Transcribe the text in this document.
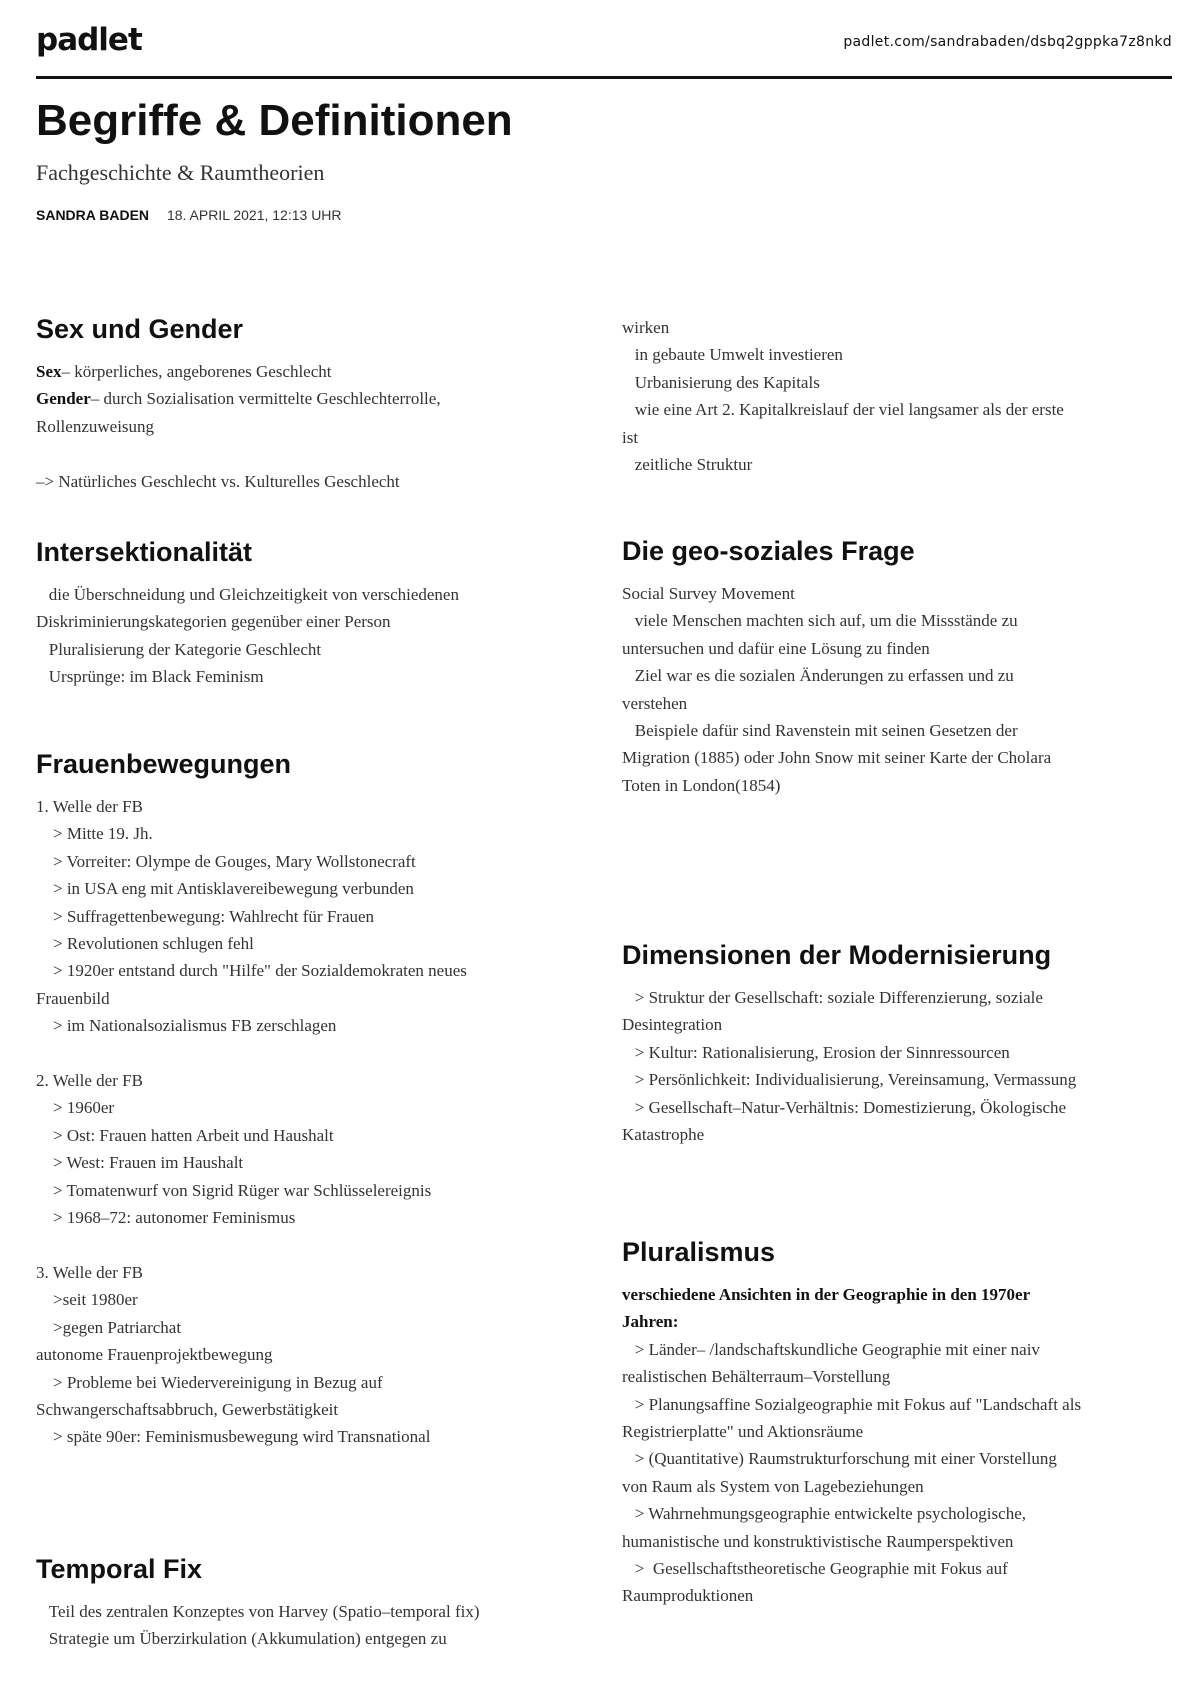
padlet	padlet.com/sandrabaden/dsbq2gppka7z8nkd
Begriffe & Definitionen
Fachgeschichte & Raumtheorien
SANDRA BADEN 18. APRIL 2021, 12:13 UHR
Sex und Gender
Sex– körperliches, angeborenes Geschlecht
Gender– durch Sozialisation vermittelte Geschlechterrolle,
Rollenzuweisung
–> Natürliches Geschlecht vs. Kulturelles Geschlecht
Intersektionalität
die Überschneidung und Gleichzeitigkeit von verschiedenen
Diskriminierungskategorien gegenüber einer Person
Pluralisierung der Kategorie Geschlecht
Ursprünge: im Black Feminism
Frauenbewegungen
1. Welle der FB
> Mitte 19. Jh.
> Vorreiter: Olympe de Gouges, Mary Wollstonecraft
> in USA eng mit Antisklavereibewegung verbunden
> Suffragettenbewegung: Wahlrecht für Frauen
> Revolutionen schlugen fehl
> 1920er entstand durch "Hilfe" der Sozialdemokraten neues
Frauenbild
> im Nationalsozialismus FB zerschlagen
2. Welle der FB
> 1960er
> Ost: Frauen hatten Arbeit und Haushalt
> West: Frauen im Haushalt
> Tomatenwurf von Sigrid Rüger war Schlüsselereignis
> 1968–72: autonomer Feminismus
3. Welle der FB
>seit 1980er
>gegen Patriarchat
autonome Frauenprojektbewegung
> Probleme bei Wiedervereinigung in Bezug auf
Schwangerschaftsabbruch, Gewerbstätigkeit
> späte 90er: Feminismusbewegung wird Transnational
Temporal Fix
Teil des zentralen Konzeptes von Harvey (Spatio–temporal fix)
Strategie um Überzirkulation (Akkumulation) entgegen zu
wirken
in gebaute Umwelt investieren
Urbanisierung des Kapitals
wie eine Art 2. Kapitalkreislauf der viel langsamer als der erste
ist
zeitliche Struktur
Die geo-soziales Frage
Social Survey Movement
viele Menschen machten sich auf, um die Missstände zu
untersuchen und dafür eine Lösung zu finden
Ziel war es die sozialen Änderungen zu erfassen und zu
verstehen
Beispiele dafür sind Ravenstein mit seinen Gesetzen der
Migration (1885) oder John Snow mit seiner Karte der Cholara
Toten in London(1854)
Dimensionen der Modernisierung
> Struktur der Gesellschaft: soziale Differenzierung, soziale
Desintegration
> Kultur: Rationalisierung, Erosion der Sinnressourcen
> Persönlichkeit: Individualisierung, Vereinsamung, Vermassung
> Gesellschaft–Natur-Verhältnis: Domestizierung, Ökologische
Katastrophe
Pluralismus
verschiedene Ansichten in der Geographie in den 1970er
Jahren:
> Länder– /landschaftskundliche Geographie mit einer naiv
realistischen Behälterraum–Vorstellung
> Planungsaffine Sozialgeographie mit Fokus auf "Landschaft als
Registrierplatte" und Aktionsräume
> (Quantitative) Raumstrukturforschung mit einer Vorstellung
von Raum als System von Lagebeziehungen
> Wahrnehmungsgeographie entwickelte psychologische,
humanistische und konstruktivistische Raumperspektiven
>  Gesellschaftstheoretische Geographie mit Fokus auf
Raumproduktionen
